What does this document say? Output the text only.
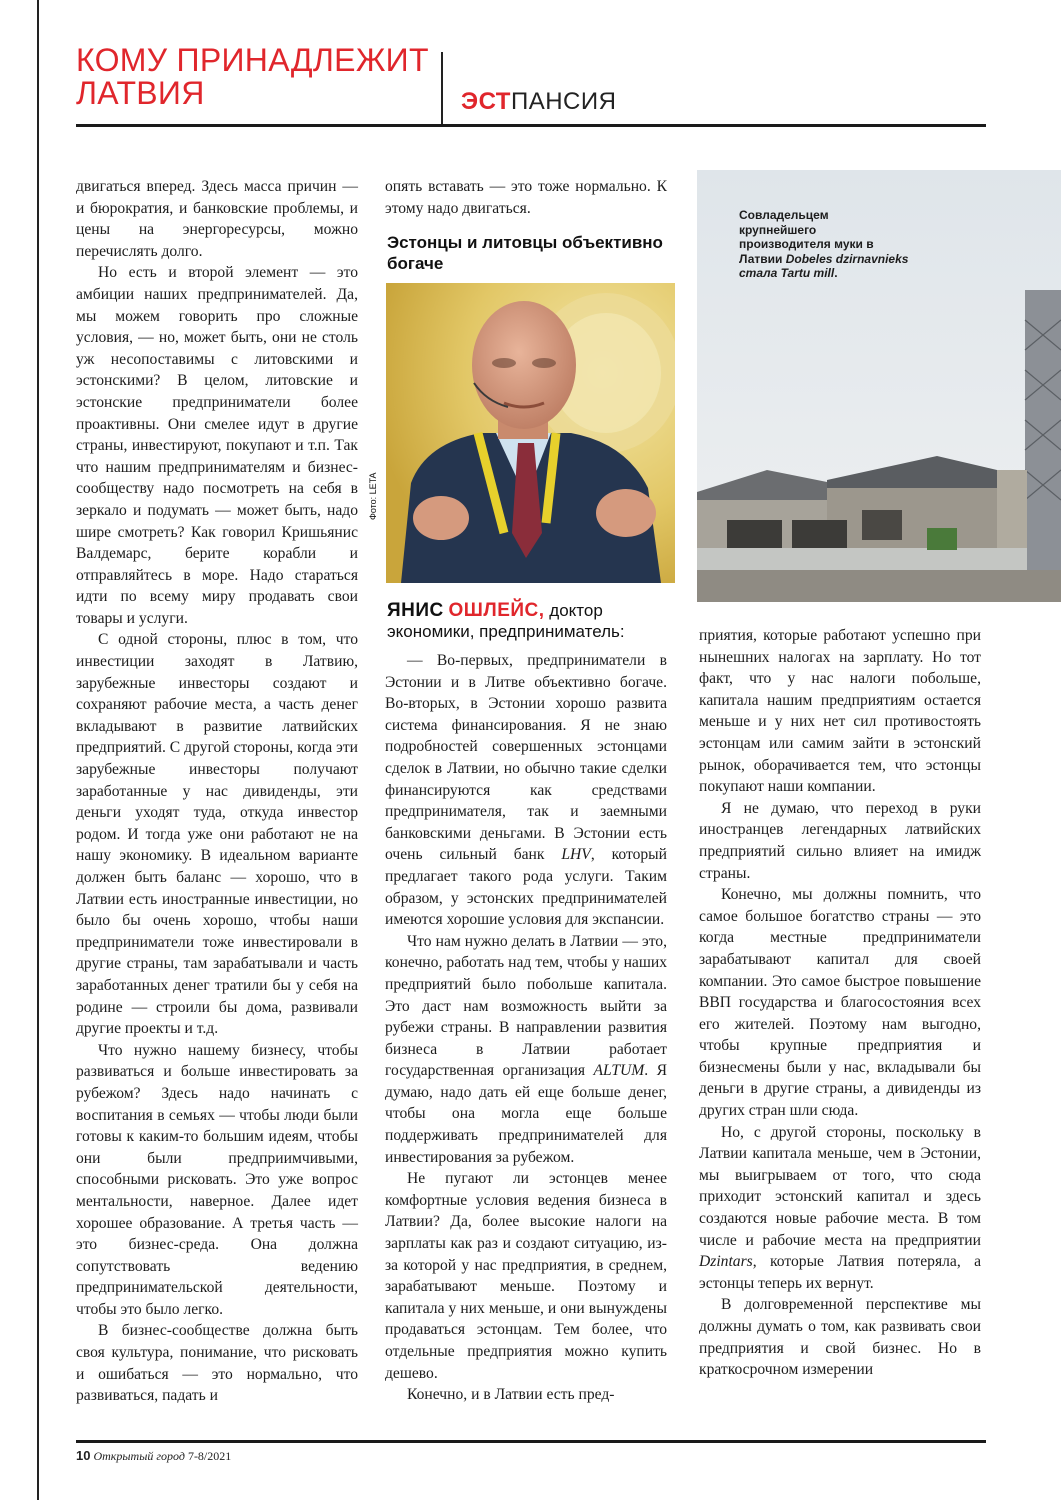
КОМУ ПРИНАДЛЕЖИТ
ЛАТВИЯ	ЭСТПАНСИЯ

двигаться вперед. Здесь масса причин — и бюрократия, и банковские проблемы, и цены на энергоресурсы, можно перечислять долго.

Но есть и второй элемент — это амбиции наших предпринимателей. Да, мы можем говорить про сложные условия, — но, может быть, они не столь уж несопоставимы с литовскими и эстонскими? В целом, литовские и эстонские предприниматели более проактивны. Они смелее идут в другие страны, инвестируют, покупают и т.п. Так что нашим предпринимателям и бизнес-сообществу надо посмотреть на себя в зеркало и подумать — может быть, надо шире смотреть? Как говорил Кришьянис Валдемарс, берите корабли и отправляйтесь в море. Надо стараться идти по всему миру продавать свои товары и услуги.

С одной стороны, плюс в том, что инвестиции заходят в Латвию, зарубежные инвесторы создают и сохраняют рабочие места, а часть денег вкладывают в развитие латвийских предприятий. С другой стороны, когда эти зарубежные инвесторы получают заработанные у нас дивиденды, эти деньги уходят туда, откуда инвестор родом. И тогда уже они работают не на нашу экономику. В идеальном варианте должен быть баланс — хорошо, что в Латвии есть иностранные инвестиции, но было бы очень хорошо, чтобы наши предприниматели тоже инвестировали в другие страны, там зарабатывали и часть заработанных денег тратили бы у себя на родине — строили бы дома, развивали другие проекты и т.д.

Что нужно нашему бизнесу, чтобы развиваться и больше инвестировать за рубежом? Здесь надо начинать с воспитания в семьях — чтобы люди были готовы к каким-то большим идеям, чтобы они были предприимчивыми, способными рисковать. Это уже вопрос ментальности, наверное. Далее идет хорошее образование. А третья часть — это бизнес-среда. Она должна сопутствовать ведению предпринимательской деятельности, чтобы это было легко.

В бизнес-сообществе должна быть своя культура, понимание, что рисковать и ошибаться — это нормально, что развиваться, падать и

опять вставать — это тоже нормально. К этому надо двигаться.

Эстонцы и литовцы объективно богаче
Фото: LETA
ЯНИС ОШЛЕЙС, доктор экономики, предприниматель:

— Во-первых, предприниматели в Эстонии и в Литве объективно богаче. Во-вторых, в Эстонии хорошо развита система финансирования. Я не знаю подробностей совершенных эстонцами сделок в Латвии, но обычно такие сделки финансируются как средствами предпринимателя, так и заемными банковскими деньгами. В Эстонии есть очень сильный банк LHV, который предлагает такого рода услуги. Таким образом, у эстонских предпринимателей имеются хорошие условия для экспансии.

Что нам нужно делать в Латвии — это, конечно, работать над тем, чтобы у наших предприятий было побольше капитала. Это даст нам возможность выйти за рубежи страны. В направлении развития бизнеса в Латвии работает государственная организация ALTUM. Я думаю, надо дать ей еще больше денег, чтобы она могла еще больше поддерживать предпринимателей для инвестирования за рубежом.

Не пугают ли эстонцев менее комфортные условия ведения бизнеса в Латвии? Да, более высокие налоги на зарплаты как раз и создают ситуацию, из-за которой у нас предприятия, в среднем, зарабатывают меньше. Поэтому и капитала у них меньше, и они вынуждены продаваться эстонцам. Тем более, что отдельные предприятия можно купить дешево.

Конечно, и в Латвии есть пред-

Совладельцем крупнейшего производителя муки в Латвии Dobeles dzirnavnieks стала Tartu mill.

приятия, которые работают успешно при нынешних налогах на зарплату. Но тот факт, что у нас налоги побольше, капитала нашим предприятиям остается меньше и у них нет сил противостоять эстонцам или самим зайти в эстонский рынок, оборачивается тем, что эстонцы покупают наши компании.

Я не думаю, что переход в руки иностранцев легендарных латвийских предприятий сильно влияет на имидж страны.

Конечно, мы должны помнить, что самое большое богатство страны — это когда местные предприниматели зарабатывают капитал для своей компании. Это самое быстрое повышение ВВП государства и благосостояния всех его жителей. Поэтому нам выгодно, чтобы крупные предприятия и бизнесмены были у нас, вкладывали бы деньги в другие страны, а дивиденды из других стран шли сюда.

Но, с другой стороны, поскольку в Латвии капитала меньше, чем в Эстонии, мы выигрываем от того, что сюда приходит эстонский капитал и здесь создаются новые рабочие места. В том числе и рабочие места на предприятии Dzintars, которые Латвия потеряла, а эстонцы теперь их вернут.

В долговременной перспективе мы должны думать о том, как развивать свои предприятия и свой бизнес. Но в краткосрочном измерении

10 Открытый город 7-8/2021
